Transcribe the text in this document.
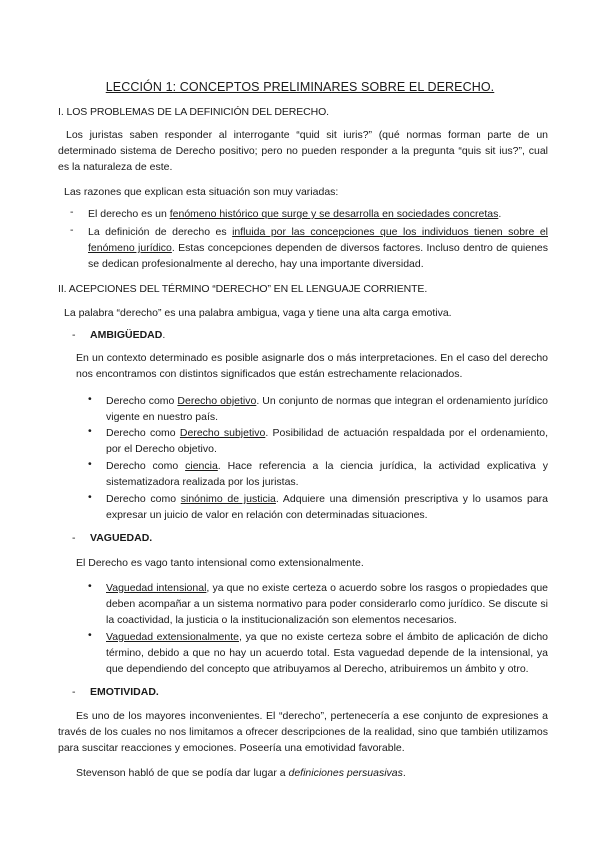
LECCIÓN 1: CONCEPTOS PRELIMINARES SOBRE EL DERECHO.
I. LOS PROBLEMAS DE LA DEFINICIÓN DEL DERECHO.
Los juristas saben responder al interrogante “quid sit iuris?” (qué normas forman parte de un determinado sistema de Derecho positivo; pero no pueden responder a la pregunta “quis sit ius?”, cual es la naturaleza de este.
Las razones que explican esta situación son muy variadas:
- El derecho es un fenómeno histórico que surge y se desarrolla en sociedades concretas.
- La definición de derecho es influida por las concepciones que los individuos tienen sobre el fenómeno jurídico. Estas concepciones dependen de diversos factores. Incluso dentro de quienes se dedican profesionalmente al derecho, hay una importante diversidad.
II. ACEPCIONES DEL TÉRMINO “DERECHO” EN EL LENGUAJE CORRIENTE.
La palabra “derecho” es una palabra ambigua, vaga y tiene una alta carga emotiva.
- AMBIGÜEDAD.
En un contexto determinado es posible asignarle dos o más interpretaciones. En el caso del derecho nos encontramos con distintos significados que están estrechamente relacionados.
• Derecho como Derecho objetivo. Un conjunto de normas que integran el ordenamiento jurídico vigente en nuestro país.
• Derecho como Derecho subjetivo. Posibilidad de actuación respaldada por el ordenamiento, por el Derecho objetivo.
• Derecho como ciencia. Hace referencia a la ciencia jurídica, la actividad explicativa y sistematizadora realizada por los juristas.
• Derecho como sinónimo de justicia. Adquiere una dimensión prescriptiva y lo usamos para expresar un juicio de valor en relación con determinadas situaciones.
- VAGUEDAD.
El Derecho es vago tanto intensional como extensionalmente.
• Vaguedad intensional, ya que no existe certeza o acuerdo sobre los rasgos o propiedades que deben acompañar a un sistema normativo para poder considerarlo como jurídico. Se discute si la coactividad, la justicia o la institucionalización son elementos necesarios.
• Vaguedad extensionalmente, ya que no existe certeza sobre el ámbito de aplicación de dicho término, debido a que no hay un acuerdo total. Esta vaguedad depende de la intensional, ya que dependiendo del concepto que atribuyamos al Derecho, atribuiremos un ámbito y otro.
- EMOTIVIDAD.
Es uno de los mayores inconvenientes. El “derecho”, pertenecería a ese conjunto de expresiones a través de los cuales no nos limitamos a ofrecer descripciones de la realidad, sino que también utilizamos para suscitar reacciones y emociones. Poseería una emotividad favorable.
Stevenson habló de que se podía dar lugar a definiciones persuasivas.
